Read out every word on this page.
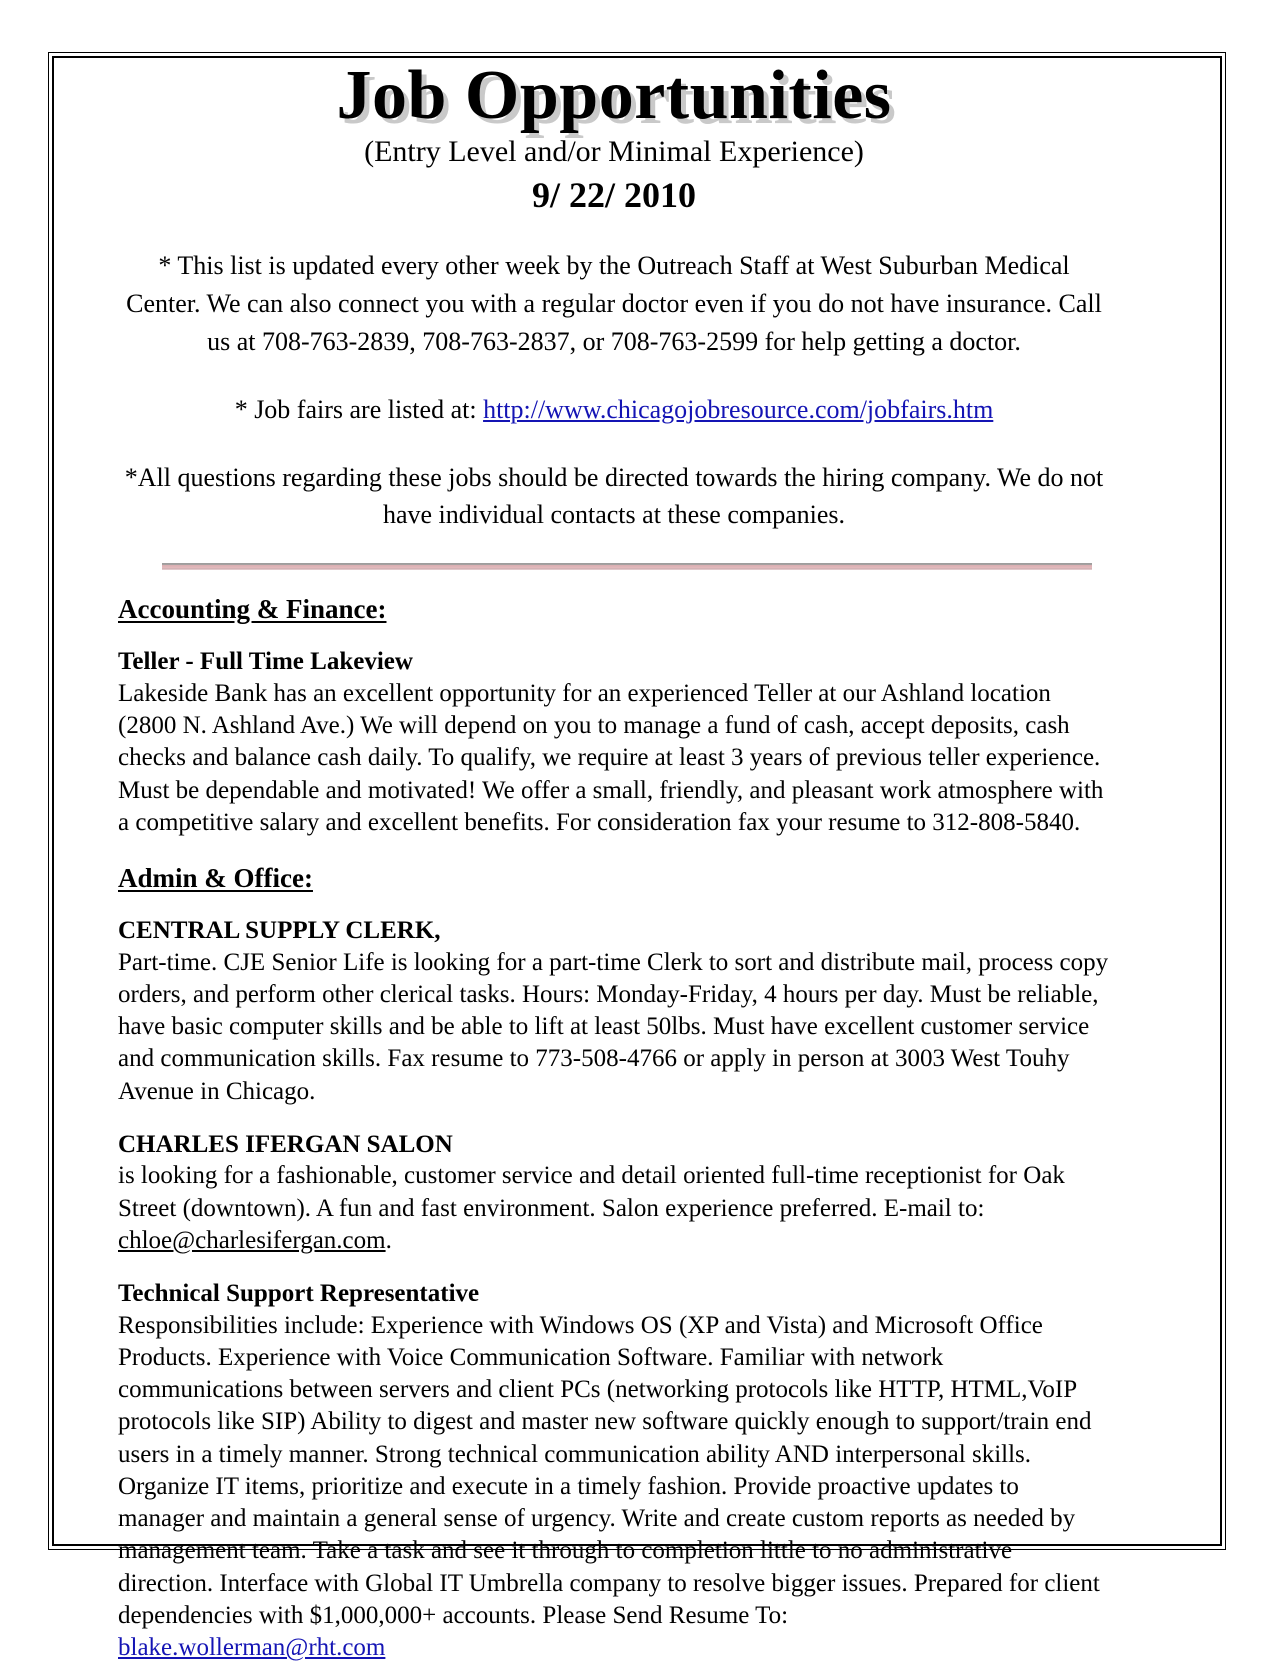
Job Opportunities
(Entry Level and/or Minimal Experience)
9/ 22/ 2010
* This list is updated every other week by the Outreach Staff at West Suburban Medical Center. We can also connect you with a regular doctor even if you do not have insurance. Call us at 708-763-2839, 708-763-2837, or 708-763-2599 for help getting a doctor.
* Job fairs are listed at: http://www.chicagojobresource.com/jobfairs.htm
*All questions regarding these jobs should be directed towards the hiring company. We do not have individual contacts at these companies.
Accounting & Finance:
Teller - Full Time Lakeview
Lakeside Bank has an excellent opportunity for an experienced Teller at our Ashland location (2800 N. Ashland Ave.) We will depend on you to manage a fund of cash, accept deposits, cash checks and balance cash daily. To qualify, we require at least 3 years of previous teller experience. Must be dependable and motivated! We offer a small, friendly, and pleasant work atmosphere with a competitive salary and excellent benefits. For consideration fax your resume to 312-808-5840.
Admin & Office:
CENTRAL SUPPLY CLERK,
Part-time. CJE Senior Life is looking for a part-time Clerk to sort and distribute mail, process copy orders, and perform other clerical tasks. Hours: Monday-Friday, 4 hours per day. Must be reliable, have basic computer skills and be able to lift at least 50lbs. Must have excellent customer service and communication skills. Fax resume to 773-508-4766 or apply in person at 3003 West Touhy Avenue in Chicago.
CHARLES IFERGAN SALON
is looking for a fashionable, customer service and detail oriented full-time receptionist for Oak Street (downtown). A fun and fast environment. Salon experience preferred. E-mail to: chloe@charlesifergan.com.
Technical Support Representative
Responsibilities include: Experience with Windows OS (XP and Vista) and Microsoft Office Products. Experience with Voice Communication Software. Familiar with network communications between servers and client PCs (networking protocols like HTTP, HTML,VoIP protocols like SIP) Ability to digest and master new software quickly enough to support/train end users in a timely manner. Strong technical communication ability AND interpersonal skills. Organize IT items, prioritize and execute in a timely fashion. Provide proactive updates to manager and maintain a general sense of urgency. Write and create custom reports as needed by management team. Take a task and see it through to completion little to no administrative direction. Interface with Global IT Umbrella company to resolve bigger issues. Prepared for client dependencies with $1,000,000+ accounts. Please Send Resume To:
blake.wollerman@rht.com
